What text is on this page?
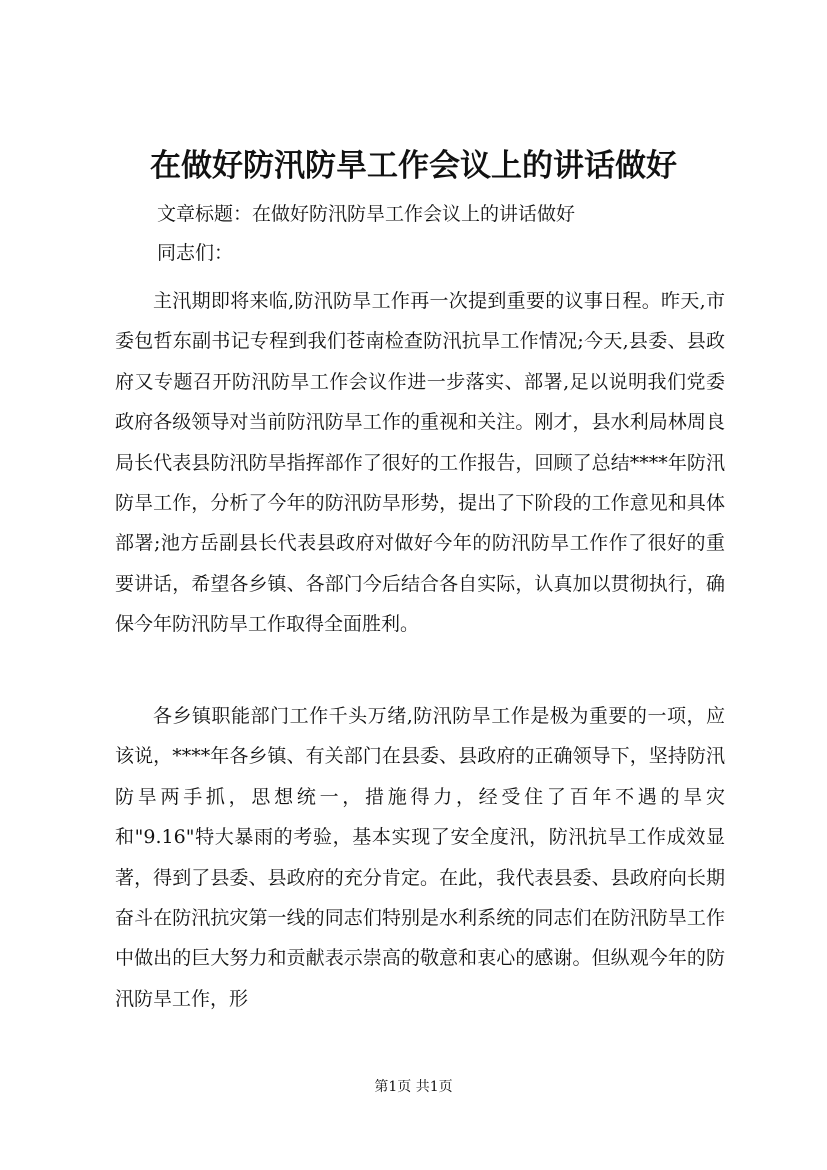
在做好防汛防旱工作会议上的讲话做好

文章标题：在做好防汛防旱工作会议上的讲话做好

同志们：

主汛期即将来临,防汛防旱工作再一次提到重要的议事日程。昨天,市委包哲东副书记专程到我们苍南检查防汛抗旱工作情况;今天,县委、县政府又专题召开防汛防旱工作会议作进一步落实、部署,足以说明我们党委政府各级领导对当前防汛防旱工作的重视和关注。刚才，县水利局林周良局长代表县防汛防旱指挥部作了很好的工作报告，回顾了总结****年防汛防旱工作，分析了今年的防汛防旱形势，提出了下阶段的工作意见和具体部署;池方岳副县长代表县政府对做好今年的防汛防旱工作作了很好的重要讲话，希望各乡镇、各部门今后结合各自实际，认真加以贯彻执行，确保今年防汛防旱工作取得全面胜利。

各乡镇职能部门工作千头万绪,防汛防旱工作是极为重要的一项，应该说，****年各乡镇、有关部门在县委、县政府的正确领导下，坚持防汛防旱两手抓，思想统一，措施得力，经受住了百年不遇的旱灾和"9.16"特大暴雨的考验，基本实现了安全度汛，防汛抗旱工作成效显著，得到了县委、县政府的充分肯定。在此，我代表县委、县政府向长期奋斗在防汛抗灾第一线的同志们特别是水利系统的同志们在防汛防旱工作中做出的巨大努力和贡献表示崇高的敬意和衷心的感谢。但纵观今年的防汛防旱工作，形

第1页 共1页
